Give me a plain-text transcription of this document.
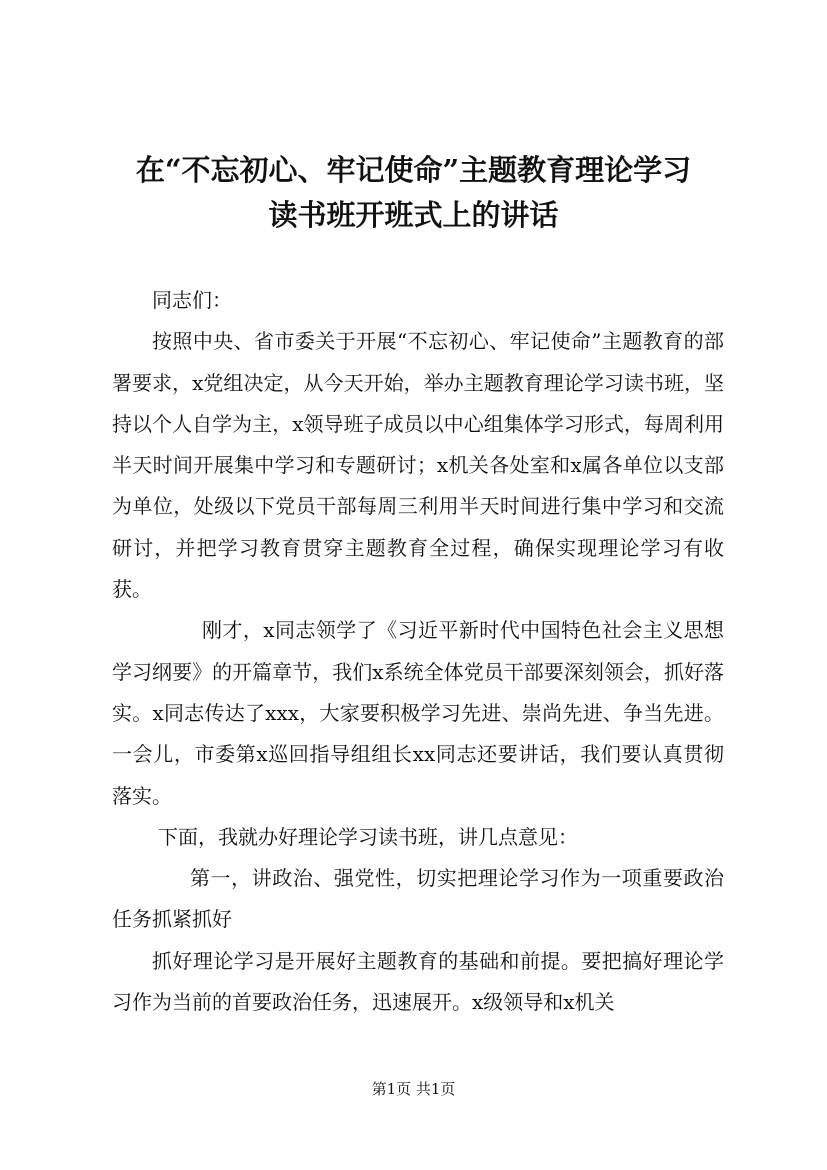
在“不忘初心、牢记使命”主题教育理论学习
读书班开班式上的讲话

同志们：

按照中央、省市委关于开展“不忘初心、牢记使命”主题教育的部署要求，x党组决定，从今天开始，举办主题教育理论学习读书班，坚持以个人自学为主，x领导班子成员以中心组集体学习形式，每周利用半天时间开展集中学习和专题研讨；x机关各处室和x属各单位以支部为单位，处级以下党员干部每周三利用半天时间进行集中学习和交流研讨，并把学习教育贯穿主题教育全过程，确保实现理论学习有收获。

刚才，x同志领学了《习近平新时代中国特色社会主义思想学习纲要》的开篇章节，我们x系统全体党员干部要深刻领会，抓好落实。x同志传达了xxx，大家要积极学习先进、崇尚先进、争当先进。一会儿，市委第x巡回指导组组长xx同志还要讲话，我们要认真贯彻落实。

下面，我就办好理论学习读书班，讲几点意见：

第一，讲政治、强党性，切实把理论学习作为一项重要政治任务抓紧抓好

抓好理论学习是开展好主题教育的基础和前提。要把搞好理论学习作为当前的首要政治任务，迅速展开。x级领导和x机关

第1页 共1页
